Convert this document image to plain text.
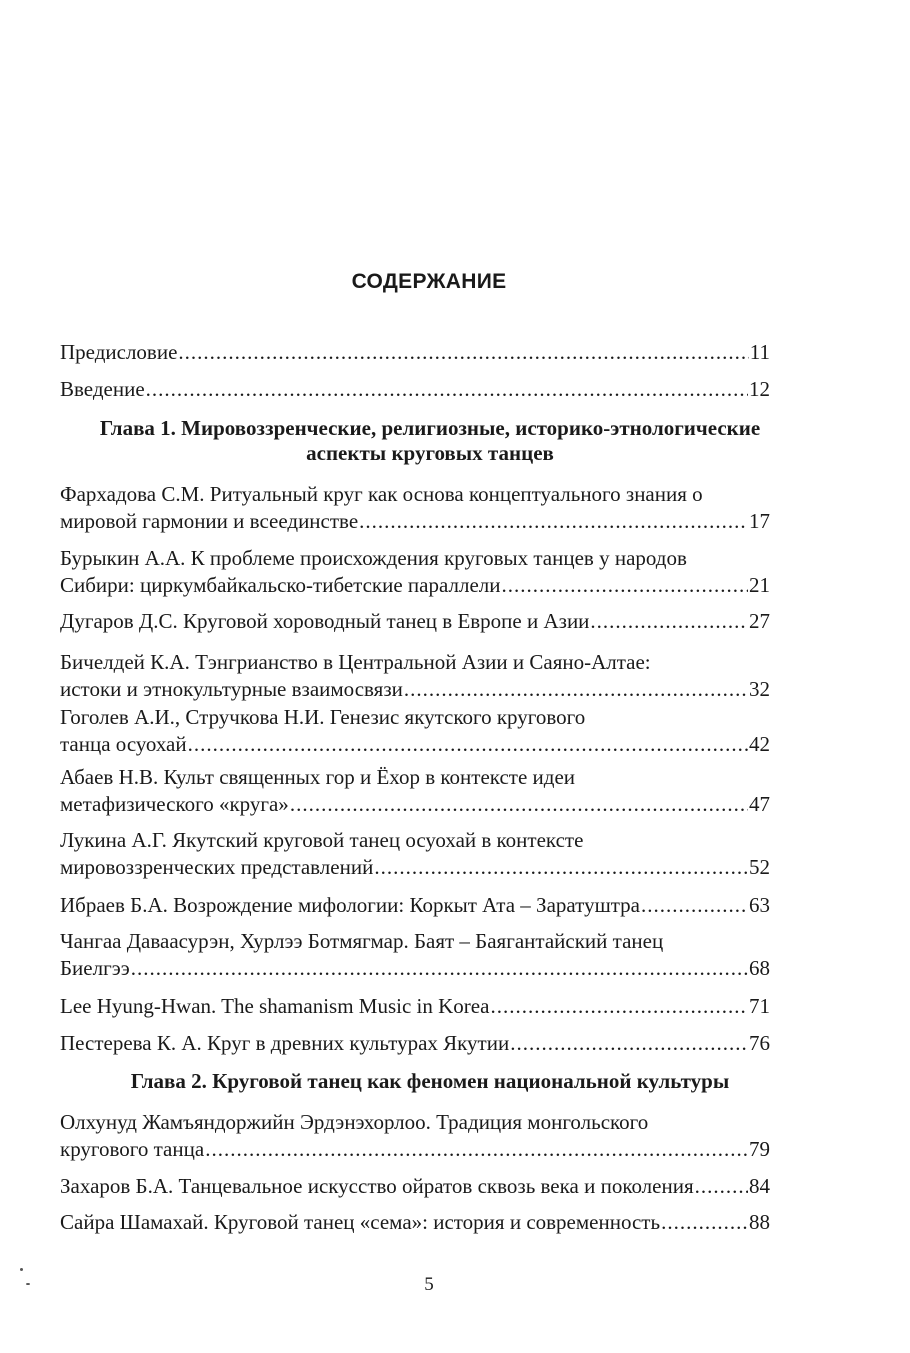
СОДЕРЖАНИЕ
Предисловие .....	11
Введение .....	12
Фархадова С.М. Ритуальный круг как основа концептуального знания о
мировой гармонии и всеединстве .....	17
Бурыкин А.А. К проблеме происхождения круговых танцев у народов
Сибири: циркумбайкальско-тибетские параллели .....	21
Дугаров Д.С. Круговой хороводный танец в Европе и Азии .....	27
Бичелдей К.А. Тэнгрианство в Центральной Азии и Саяно-Алтае:
истоки и этнокультурные взаимосвязи .....	32
Гоголев А.И., Стручкова Н.И. Генезис якутского кругового
танца осуохай .....	42
Абаев Н.В. Культ священных гор и Ёхор в контексте идеи
метафизического «круга» .....	47
Лукина А.Г. Якутский круговой танец осуохай в контексте
мировоззренческих представлений .....	52
Ибраев Б.А. Возрождение мифологии: Коркыт Ата – Заратуштра .....	63
Чангаа Даваасурэн, Хурлээ Ботмягмар. Баят – Баягантайский танец
Биелгээ .....	68
Lee Hyung-Hwan. The shamanism Music in Korea .....	71
Пестерева К. А. Круг в древних культурах Якутии .....	76
Олхунуд Жамъяндоржийн Эрдэнэхорлоо. Традиция монгольского
кругового танца .....	79
Захаров Б.А. Танцевальное искусство ойратов сквозь века и поколения .....	84
Сайра Шамахай. Круговой танец «сема»: история и современность .....	88
Глава 1. Мировоззренческие, религиозные, историко-этнологические
аспекты круговых танцев
Глава 2. Круговой танец как феномен национальной культуры
5
